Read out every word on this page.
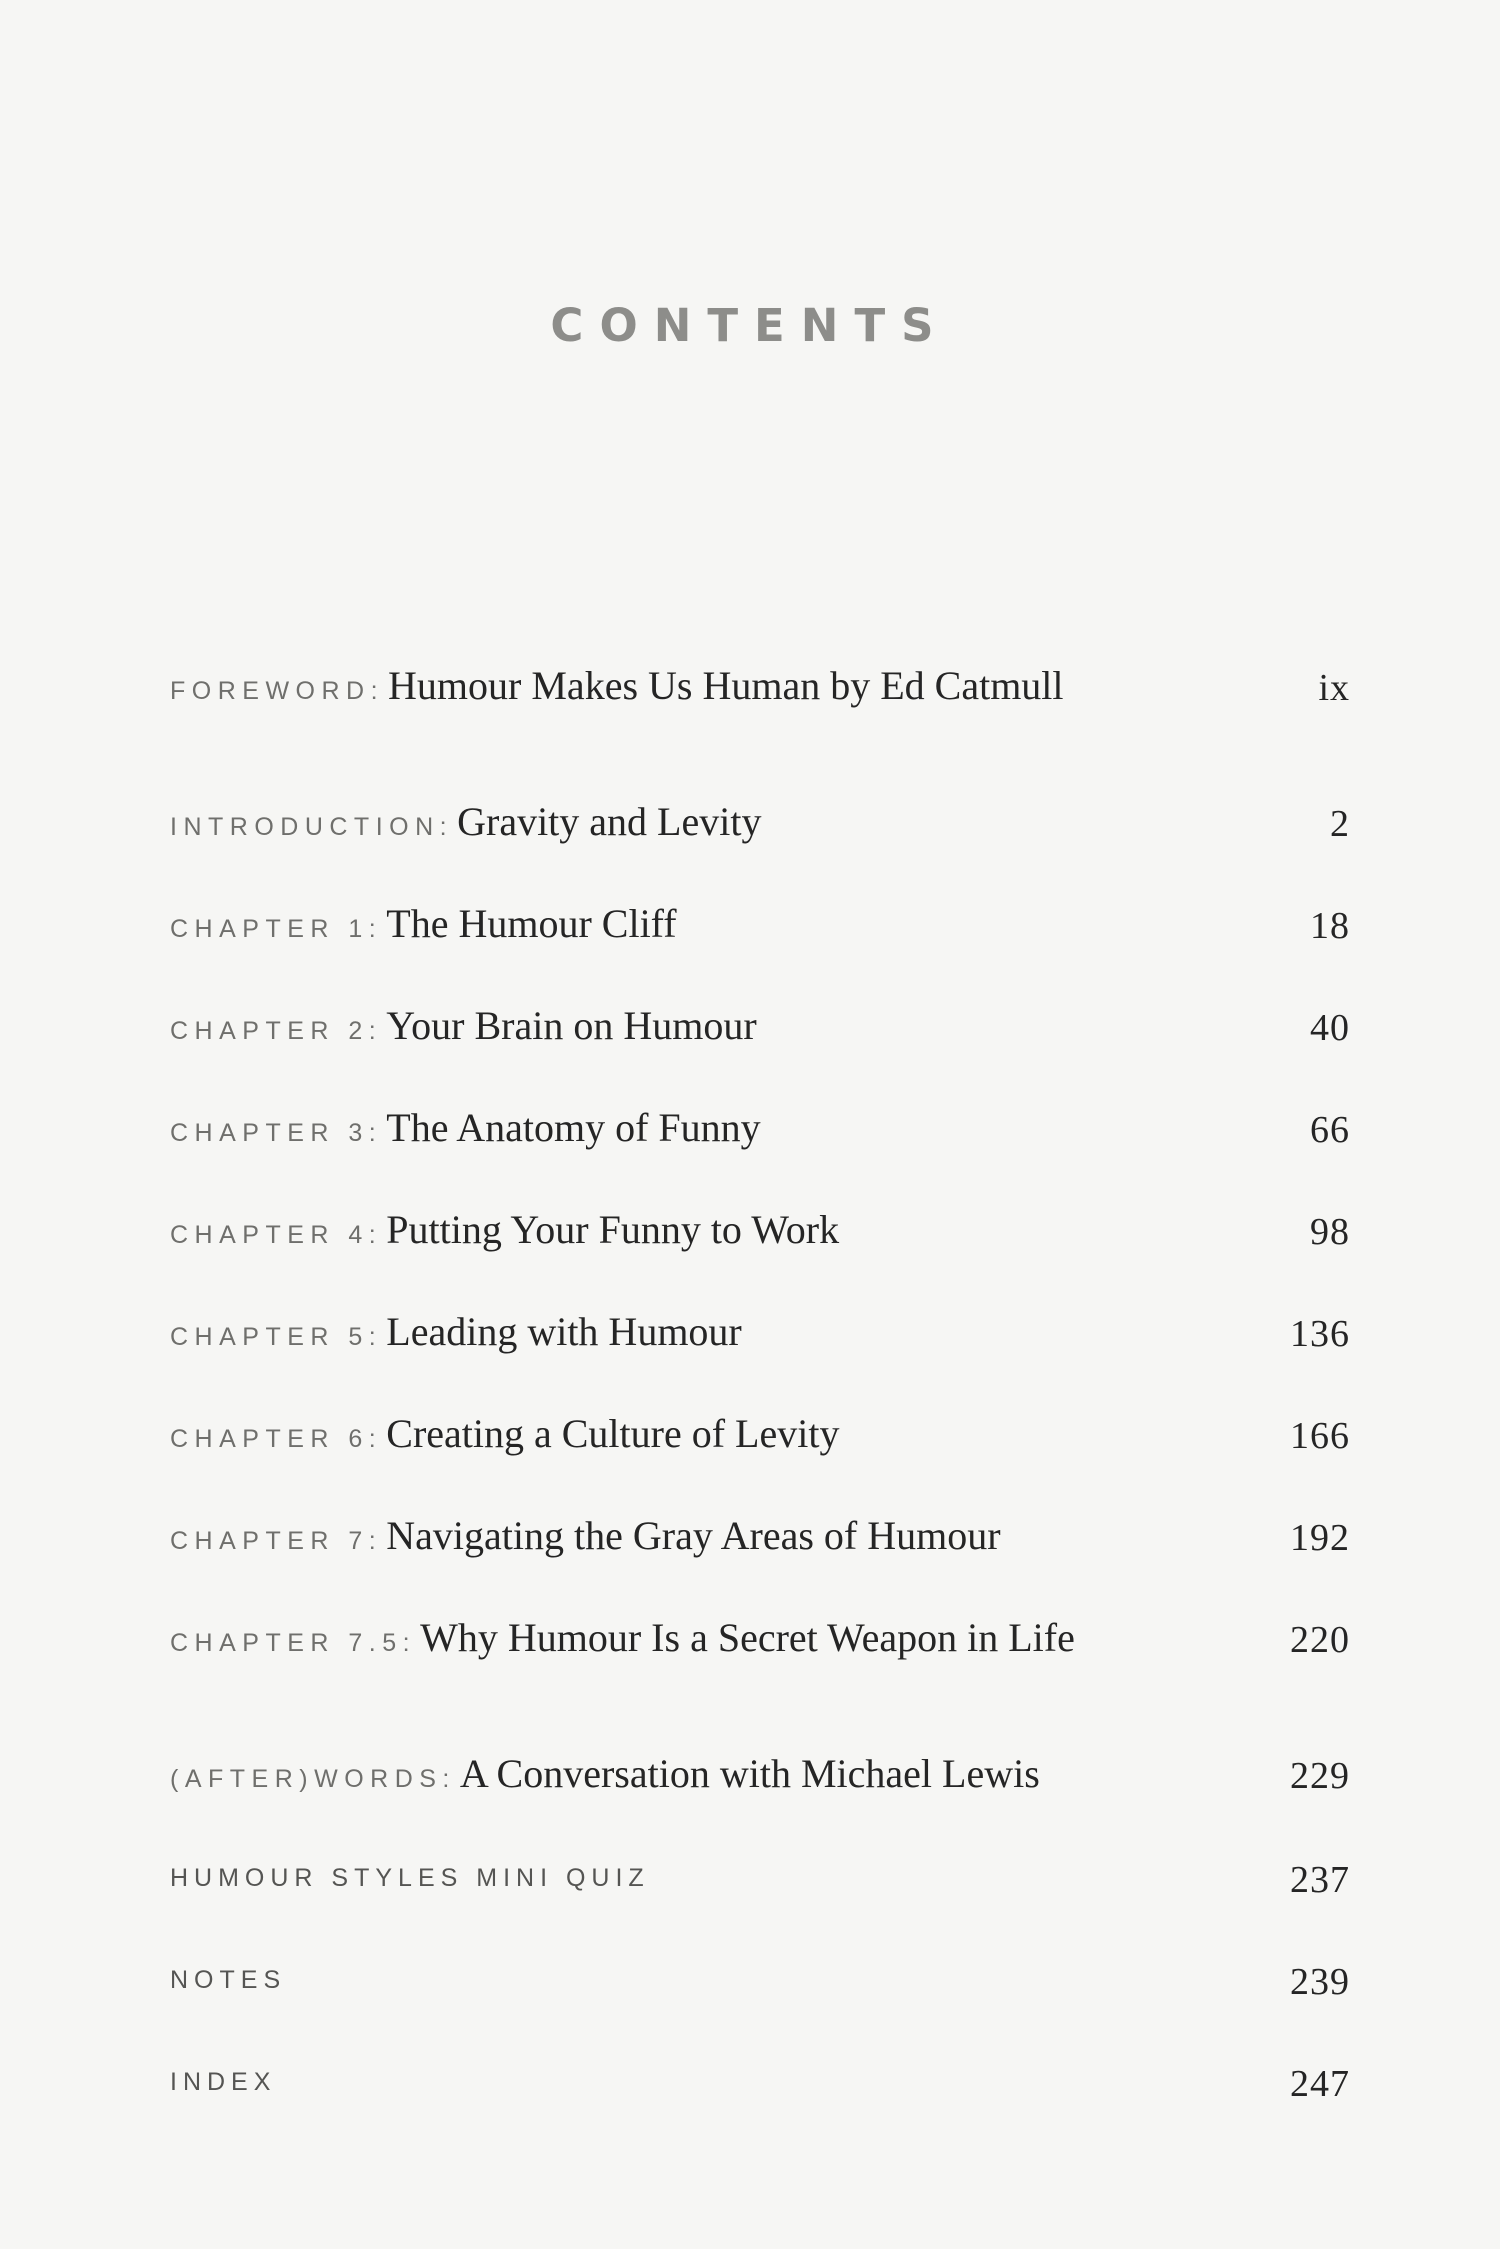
CONTENTS
FOREWORD: Humour Makes Us Human by Ed Catmull	ix
INTRODUCTION: Gravity and Levity	2
CHAPTER 1: The Humour Cliff	18
CHAPTER 2: Your Brain on Humour	40
CHAPTER 3: The Anatomy of Funny	66
CHAPTER 4: Putting Your Funny to Work	98
CHAPTER 5: Leading with Humour	136
CHAPTER 6: Creating a Culture of Levity	166
CHAPTER 7: Navigating the Gray Areas of Humour	192
CHAPTER 7.5: Why Humour Is a Secret Weapon in Life	220
(AFTER)WORDS: A Conversation with Michael Lewis	229
HUMOUR STYLES MINI QUIZ	237
NOTES	239
INDEX	247
